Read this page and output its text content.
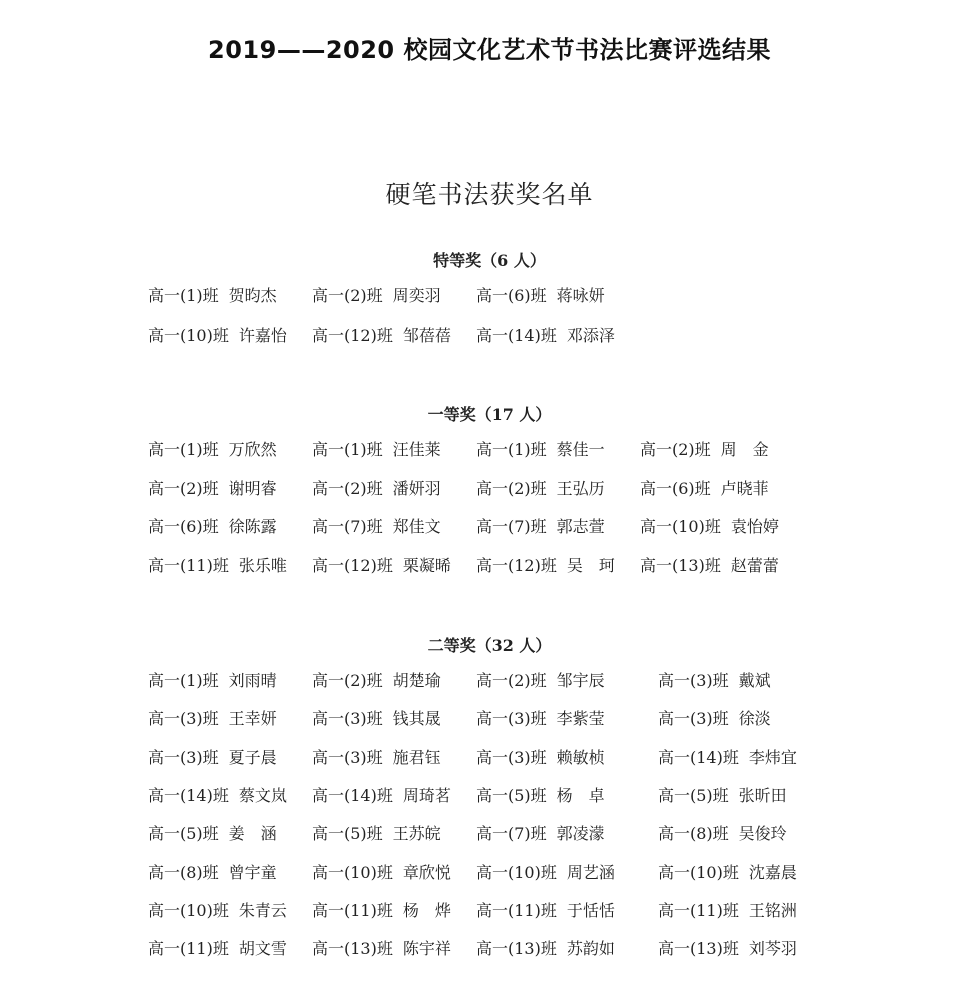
2019——2020 校园文化艺术节书法比赛评选结果
硬笔书法获奖名单
特等奖（6 人）
一等奖（17 人）
二等奖（32 人）
高一(1)班 贺昀杰 高一(2)班 周奕羽 高一(6)班 蒋咏妍
高一(10)班 许嘉怡 高一(12)班 邹蓓蓓 高一(14)班 邓添泽
高一(1)班 万欣然 高一(1)班 汪佳莱 高一(1)班 蔡佳一 高一(2)班 周　金
高一(2)班 谢明睿 高一(2)班 潘妍羽 高一(2)班 王弘历 高一(6)班 卢晓菲
高一(6)班 徐陈露 高一(7)班 郑佳文 高一(7)班 郭志萱 高一(10)班 袁怡婷
高一(11)班 张乐唯 高一(12)班 栗凝晞 高一(12)班 吴　珂 高一(13)班 赵蕾蕾
高一(1)班 刘雨晴 高一(2)班 胡楚瑜 高一(2)班 邹宇辰	高一(3)班 戴斌
高一(3)班 王幸妍 高一(3)班 钱其晟 高一(3)班 李紫莹	高一(3)班 徐淡
高一(3)班 夏子晨 高一(3)班 施君钰 高一(3)班 赖敏桢	高一(14)班 李炜宜
高一(14)班 蔡文岚 高一(14)班 周琦茗 高一(5)班 杨　卓	高一(5)班 张昕田
高一(5)班 姜　涵 高一(5)班 王苏皖 高一(7)班 郭凌濛	高一(8)班 吴俊玲
高一(8)班 曾宇童 高一(10)班 章欣悦 高一(10)班 周艺涵	高一(10)班 沈嘉晨
高一(10)班 朱青云 高一(11)班 杨　烨 高一(11)班 于恬恬	高一(11)班 王铭洲
高一(11)班 胡文雪 高一(13)班 陈宇祥 高一(13)班 苏韵如	高一(13)班 刘芩羽
